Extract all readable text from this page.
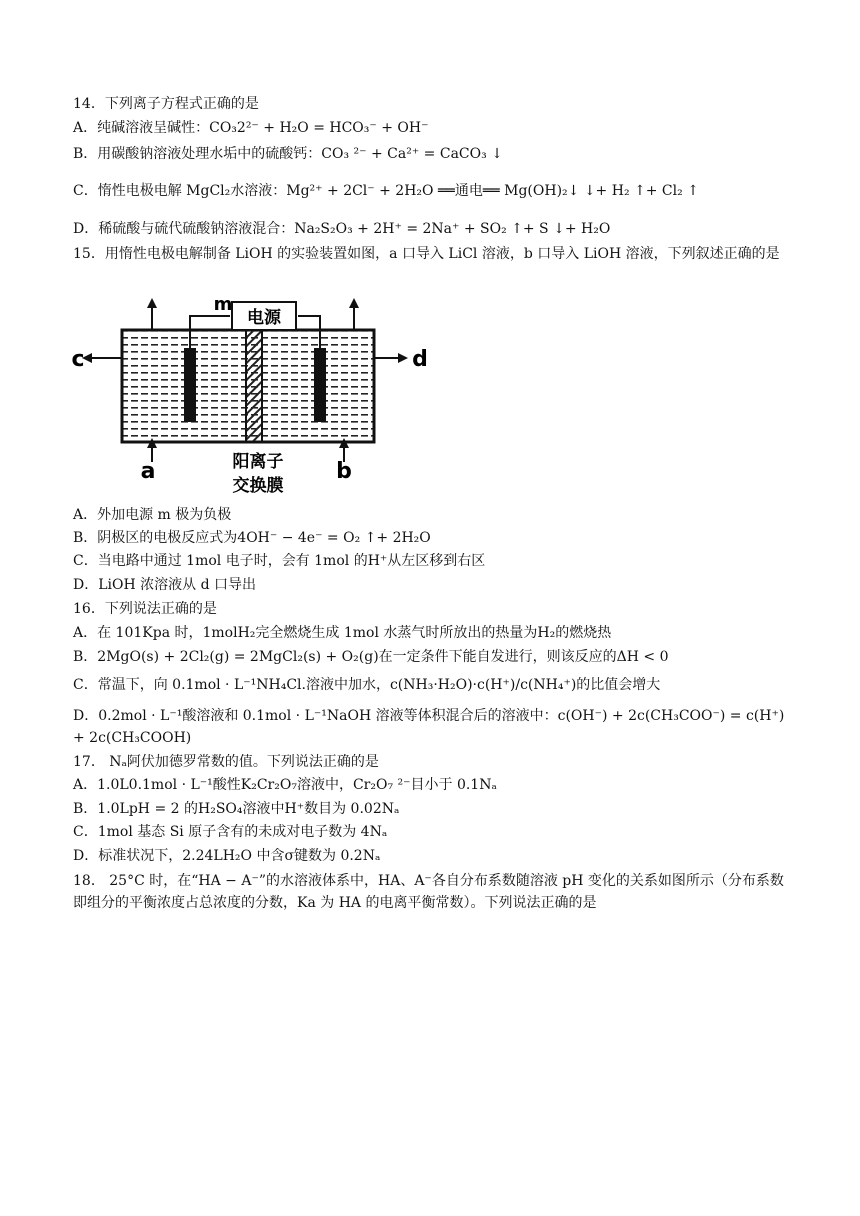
14．下列离子方程式正确的是
A．纯碱溶液呈碱性：CO₃2²⁻ + H₂O = HCO₃⁻ + OH⁻
B．用碳酸钠溶液处理水垢中的硫酸钙：CO₃ ²⁻ + Ca²⁺ = CaCO₃ ↓
C．惰性电极电解 MgCl₂水溶液：Mg²⁺ + 2Cl⁻ + 2H₂O ══通电══ Mg(OH)₂↓ ↓+ H₂ ↑+ Cl₂ ↑
D．稀硫酸与硫代硫酸钠溶液混合：Na₂S₂O₃ + 2H⁺ = 2Na⁺ + SO₂ ↑+ S ↓+ H₂O
15．用惰性电极电解制备 LiOH 的实验装置如图，a 口导入 LiCl 溶液，b 口导入 LiOH 溶液，下列叙述正确的是
电源
m
c	d
a	b
阳离子
交换膜
A．外加电源 m 极为负极
B．阴极区的电极反应式为4OH⁻ − 4e⁻ = O₂ ↑+ 2H₂O
C．当电路中通过 1mol 电子时，会有 1mol 的H⁺从左区移到右区
D．LiOH 浓溶液从 d 口导出
16．下列说法正确的是
A．在 101Kpa 时，1molH₂完全燃烧生成 1mol 水蒸气时所放出的热量为H₂的燃烧热
B．2MgO(s) + 2Cl₂(g) = 2MgCl₂(s) + O₂(g)在一定条件下能自发进行，则该反应的ΔH < 0
C．常温下，向 0.1mol · L⁻¹NH₄Cl.溶液中加水，c(NH₃·H₂O)·c(H⁺)/c(NH₄⁺)的比值会增大
D．0.2mol · L⁻¹酸溶液和 0.1mol · L⁻¹NaOH 溶液等体积混合后的溶液中：c(OH⁻) + 2c(CH₃COO⁻) = c(H⁺) + 2c(CH₃COOH)
17． Nₐ阿伏加德罗常数的值。下列说法正确的是
A．1.0L0.1mol · L⁻¹酸性K₂Cr₂O₇溶液中，Cr₂O₇ ²⁻目小于 0.1Nₐ
B．1.0LpH = 2 的H₂SO₄溶液中H⁺数目为 0.02Nₐ
C．1mol 基态 Si 原子含有的未成对电子数为 4Nₐ
D．标准状况下，2.24LH₂O 中含σ键数为 0.2Nₐ
18． 25°C 时，在“HA − A⁻”的水溶液体系中，HA、A⁻各自分布系数随溶液 pH 变化的关系如图所示（分布系数即组分的平衡浓度占总浓度的分数，Ka 为 HA 的电离平衡常数）。下列说法正确的是
